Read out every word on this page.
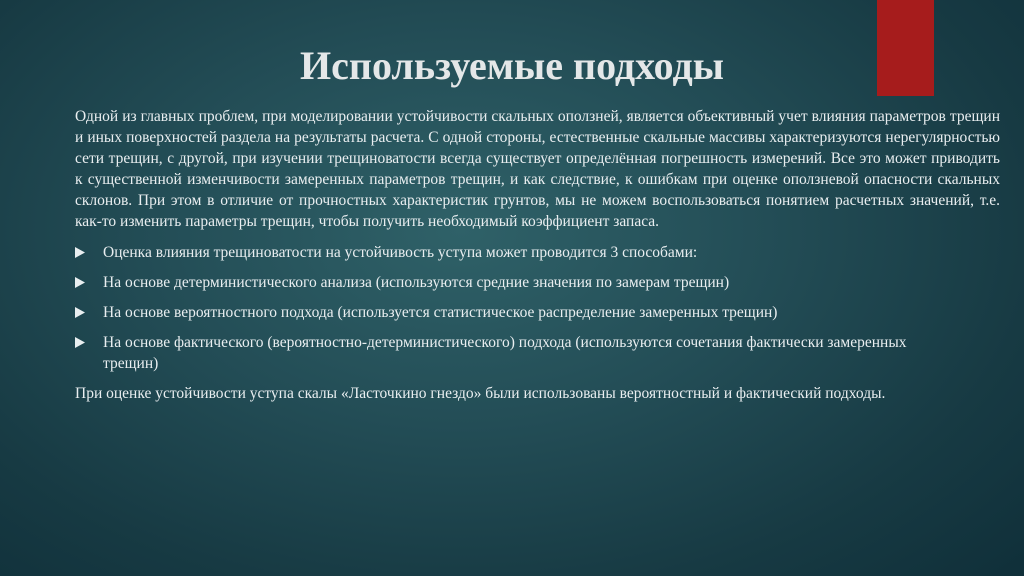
Используемые подходы

Одной из главных проблем, при моделировании устойчивости скальных оползней, является объективный учет влияния параметров трещин и иных поверхностей раздела на результаты расчета. С одной стороны, естественные скальные массивы характеризуются нерегулярностью сети трещин, с другой, при изучении трещиноватости всегда существует определённая погрешность измерений. Все это может приводить к существенной изменчивости замеренных параметров трещин, и как следствие, к ошибкам при оценке оползневой опасности скальных склонов. При этом в отличие от прочностных характеристик грунтов, мы не можем воспользоваться понятием расчетных значений, т.е. как-то изменить параметры трещин, чтобы получить необходимый коэффициент запаса.

Оценка влияния трещиноватости на устойчивость уступа может проводится 3 способами:
На основе детерминистического анализа (используются средние значения по замерам трещин)
На основе вероятностного подхода (используется статистическое распределение замеренных трещин)
На основе фактического (вероятностно-детерминистического) подхода (используются сочетания фактически замеренных трещин)

При оценке устойчивости уступа скалы «Ласточкино гнездо» были использованы вероятностный и фактический подходы.
